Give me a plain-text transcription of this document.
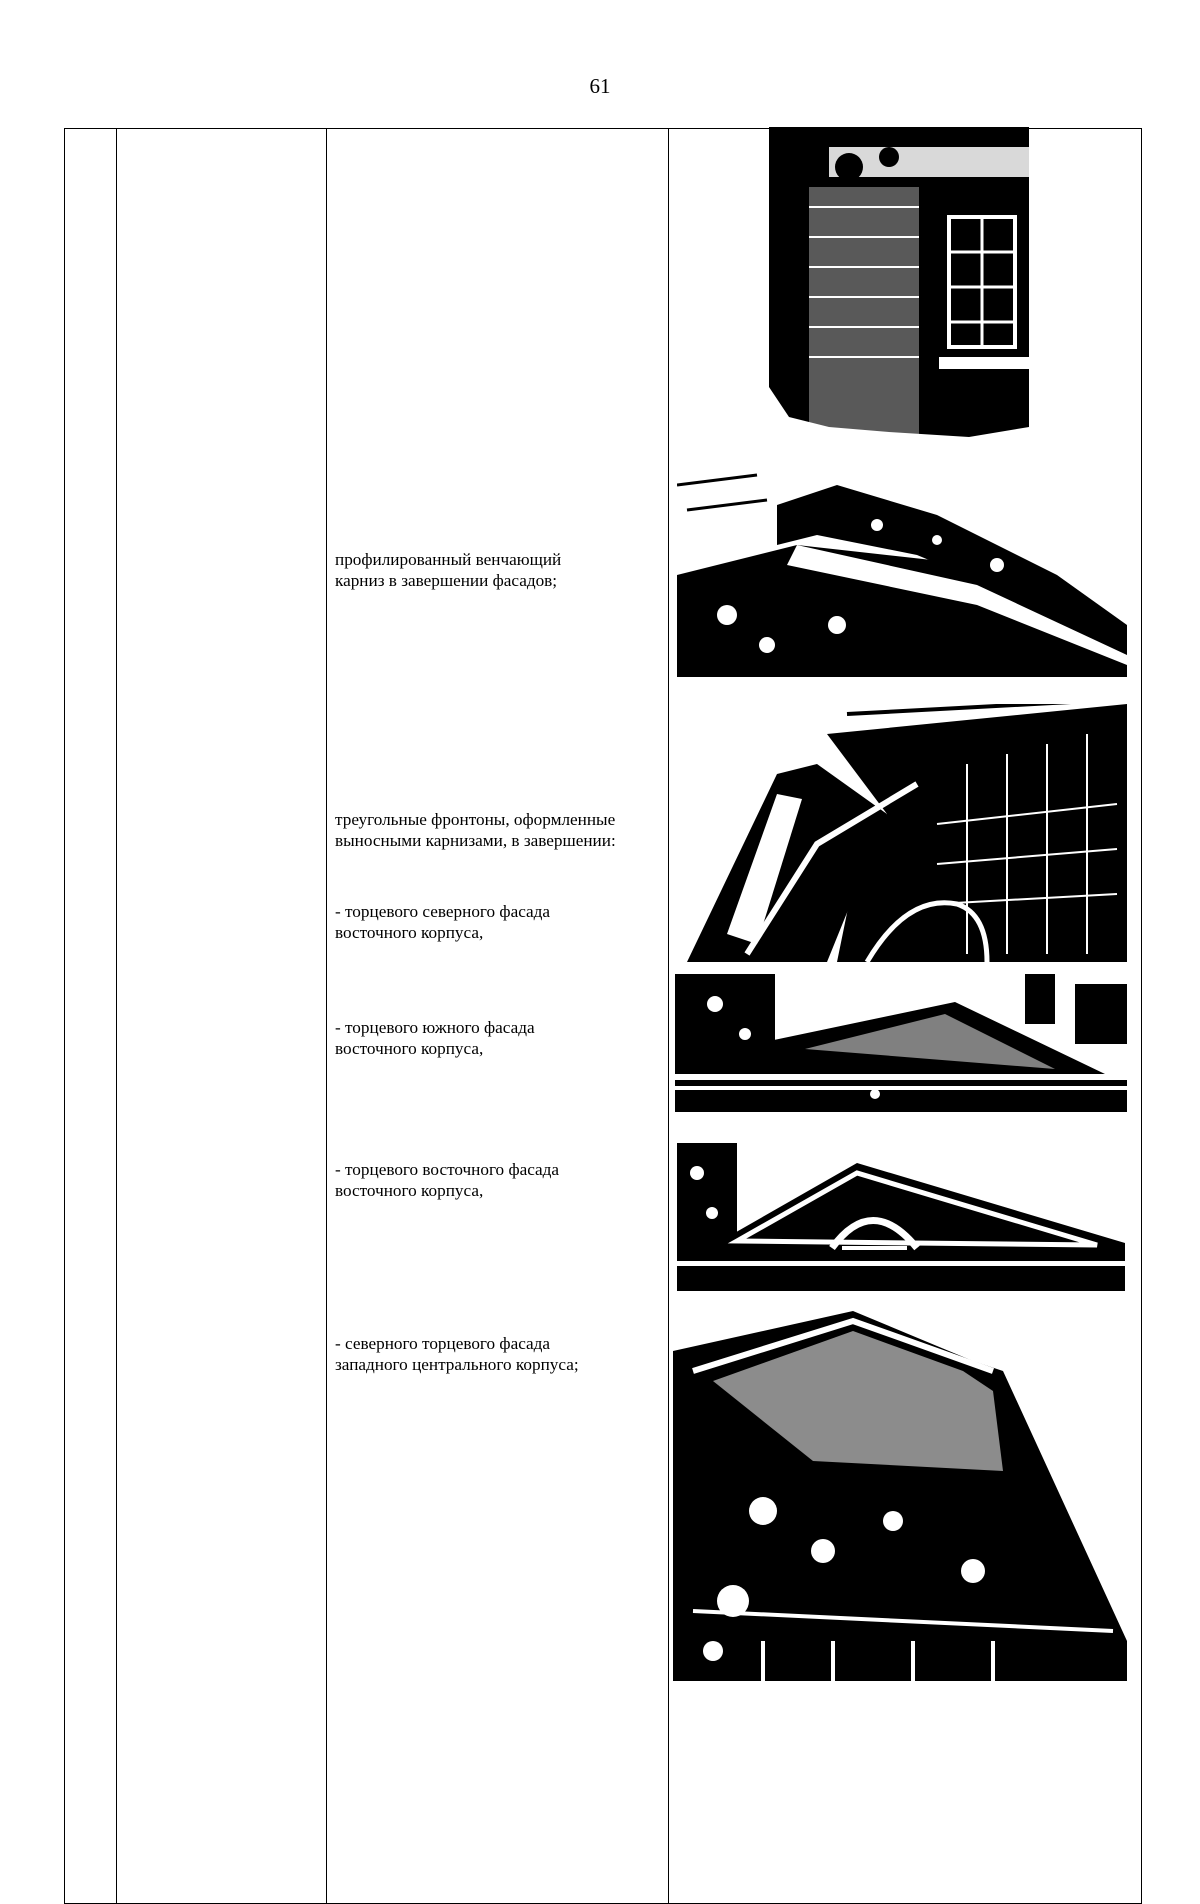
61

профилированный венчающий карниз в завершении фасадов;
треугольные фронтоны, оформленные выносными карнизами, в завершении:
- торцевого северного фасада восточного корпуса,
- торцевого южного фасада восточного корпуса,
- торцевого восточного фасада восточного корпуса,
- северного торцевого фасада западного центрального корпуса;
